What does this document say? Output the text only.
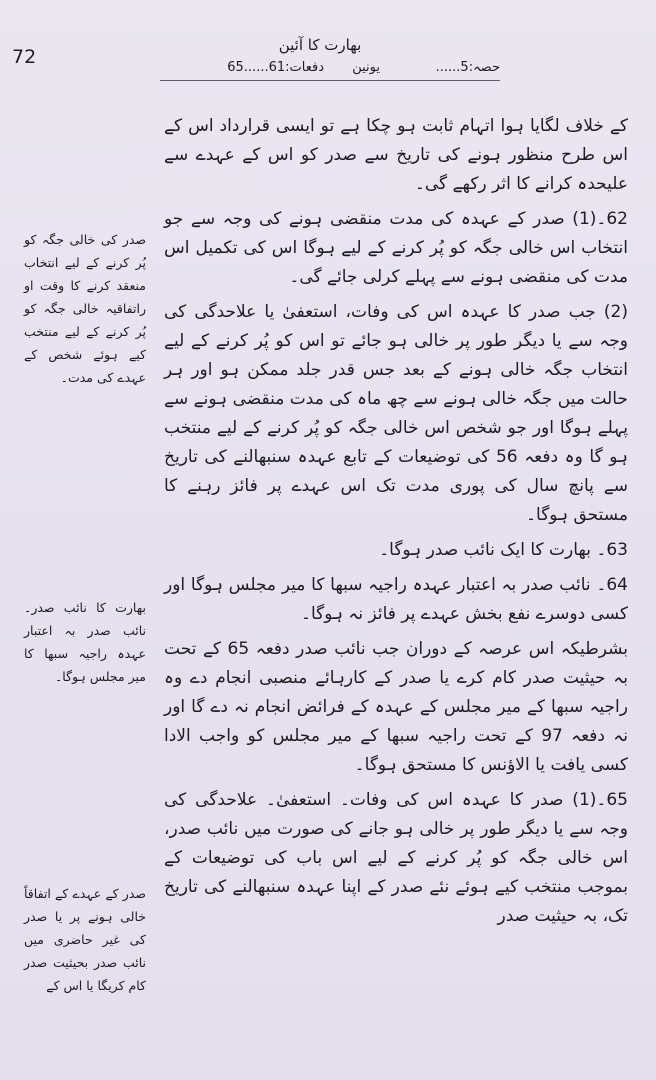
72
بھارت کا آئین
حصہ:5......
یونین
دفعات:61......65

کے خلاف لگایا ہوا اتہام ثابت ہو چکا ہے تو ایسی قرارداد اس کے اس طرح منظور ہونے کی تاریخ سے صدر کو اس کے عہدے سے علیحدہ کرانے کا اثر رکھے گی۔

62۔(1) صدر کے عہدہ کی مدت منقضی ہونے کی وجہ سے جو انتخاب اس خالی جگہ کو پُر کرنے کے لیے ہوگا اس کی تکمیل اس مدت کی منقضی ہونے سے پہلے کرلی جائے گی۔

(2) جب صدر کا عہدہ اس کی وفات، استعفیٰ یا علاحدگی کی وجہ سے یا دیگر طور پر خالی ہو جائے تو اس کو پُر کرنے کے لیے انتخاب جگہ خالی ہونے کے بعد جس قدر جلد ممکن ہو اور ہر حالت میں جگہ خالی ہونے سے چھ ماہ کی مدت منقضی ہونے سے پہلے ہوگا اور جو شخص اس خالی جگہ کو پُر کرنے کے لیے منتخب ہو گا وہ دفعہ 56 کی توضیعات کے تابع عہدہ سنبھالنے کی تاریخ سے پانچ سال کی پوری مدت تک اس عہدے پر فائز رہنے کا مستحق ہوگا۔

63۔ بھارت کا ایک نائب صدر ہوگا۔

64۔ نائب صدر بہ اعتبار عہدہ راجیہ سبھا کا میر مجلس ہوگا اور کسی دوسرے نفع بخش عہدے پر فائز نہ ہوگا۔

بشرطیکہ اس عرصہ کے دوران جب نائب صدر دفعہ 65 کے تحت بہ حیثیت صدر کام کرے یا صدر کے کارہائے منصبی انجام دے وہ راجیہ سبھا کے میر مجلس کے عہدہ کے فرائض انجام نہ دے گا اور نہ دفعہ 97 کے تحت راجیہ سبھا کے میر مجلس کو واجب الادا کسی یافت یا الاؤنس کا مستحق ہوگا۔

65۔(1) صدر کا عہدہ اس کی وفات۔ استعفیٰ۔ علاحدگی کی وجہ سے یا دیگر طور پر خالی ہو جانے کی صورت میں نائب صدر، اس خالی جگہ کو پُر کرنے کے لیے اس باب کی توضیعات کے بموجب منتخب کیے ہوئے نئے صدر کے اپنا عہدہ سنبھالنے کی تاریخ تک، بہ حیثیت صدر

صدر کی خالی جگہ کو پُر کرنے کے لیے انتخاب منعقد کرنے کا وقت او راتفاقیہ خالی جگہ کو پُر کرنے کے لیے منتخب کیے ہوئے شخص کے عہدے کی مدت۔
بھارت کا نائب صدر۔ نائب صدر بہ اعتبار عہدہ راجیہ سبھا کا میر مجلس ہوگا۔
صدر کے عہدے کے اتفاقاً خالی ہونے پر یا صدر کی غیر حاضری میں نائب صدر بحیثیت صدر کام کریگا یا اس کے
